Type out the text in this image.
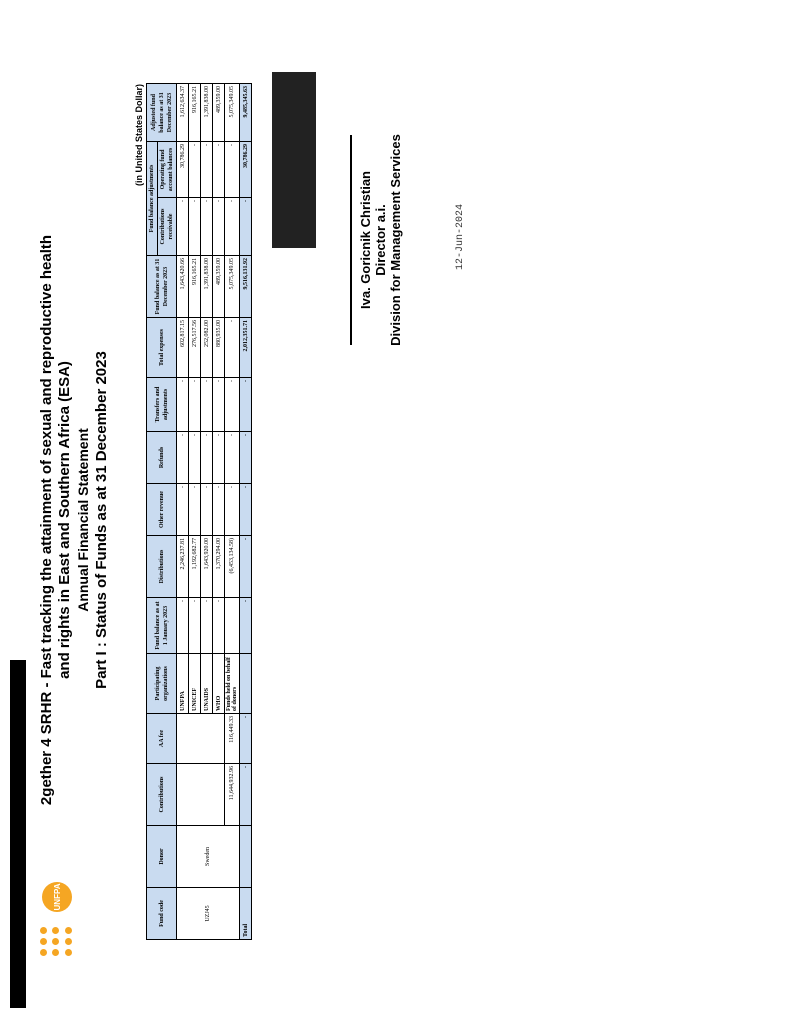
UNFPA
2gether 4 SRHR - Fast tracking the attainment of sexual and reproductive health and rights in East and Southern Africa (ESA) Annual Financial Statement Part I : Status of Funds as at 31 December 2023
(in United States Dollar)
Fund code	Donor	Contributions	AA fee	Participating organizations	Fund balance as at 1 January 2023	Distributions	Other revenue	Refunds	Transfers and adjustments	Total expenses	Fund balance as at 31 December 2023	Fund balance adjustments		Adjusted fund balance as at 31 December 2023
												Contributions receivable	Operating fund account balances	
UZJ45	Sweden			UNFPA	-	2,246,237.81	-	-	-	602,817.15	1,643,420.66	-	30,786.29	1,612,634.37
				UNICEF	-	1,192,682.77	-	-	-	276,517.56	916,165.21	-	-	916,165.21
				UNAIDS	-	1,643,920.00	-	-	-	252,082.00	1,391,838.00	-	-	1,391,838.00
				WHO	-	1,370,294.00	-	-	-	880,935.00	489,359.00	-	-	489,359.00
		11,644,932.96	116,449.33	Funds held on behalf of donors		(6,453,134.58)	-	-	-	-	5,075,349.05	-	-	5,075,349.05
Total		-	-		-	-	-	-	-	2,012,351.71	9,516,131.92	-	30,786.29	9,485,345.63
Iva. Goricnik Christian Director a.i. Division for Management Services	12-Jun-2024
